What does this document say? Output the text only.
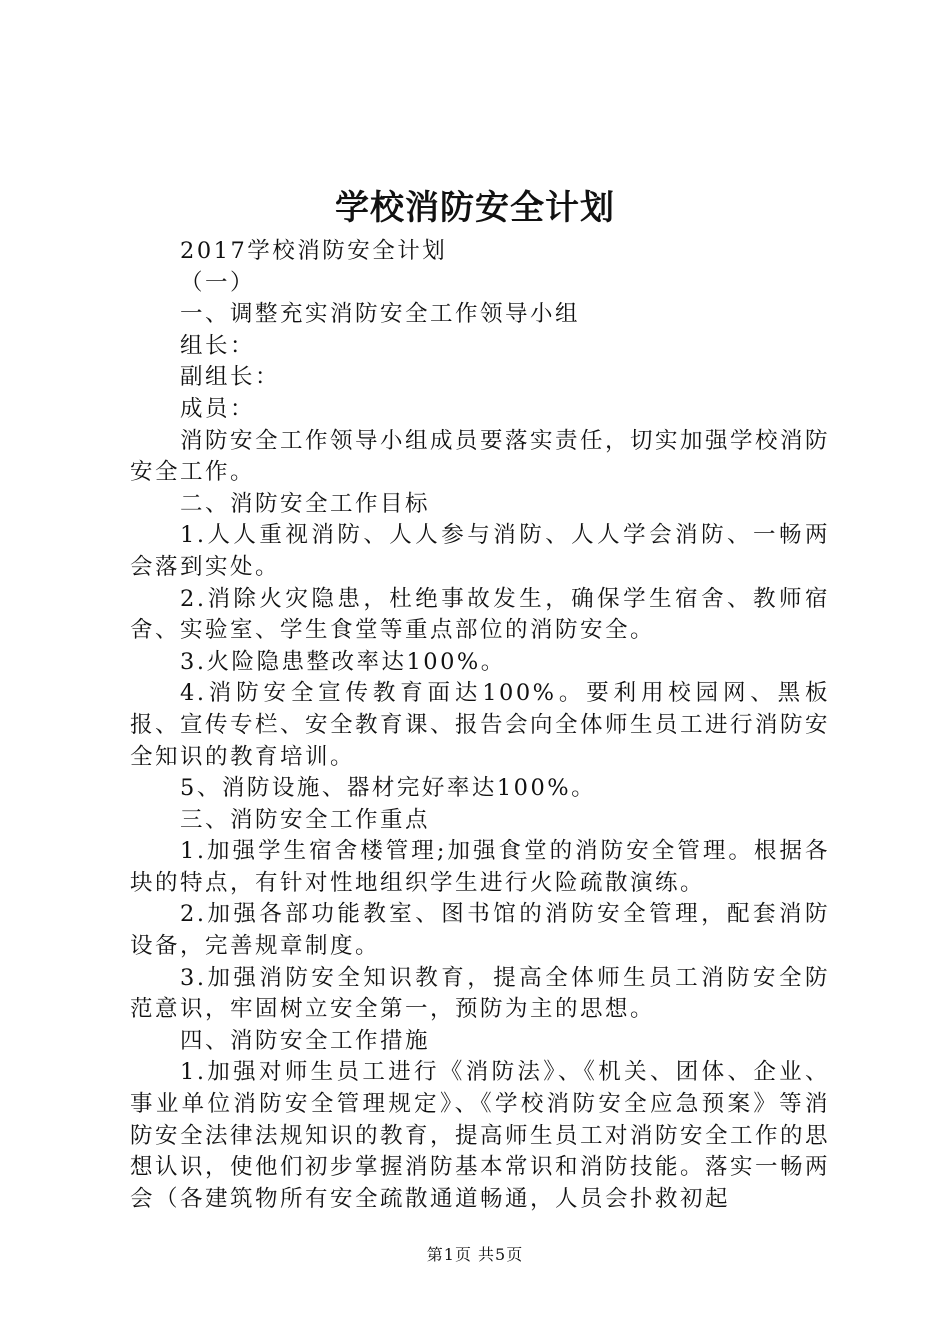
学校消防安全计划

2017学校消防安全计划

（一）

一、调整充实消防安全工作领导小组

组长：

副组长：

成员：

消防安全工作领导小组成员要落实责任，切实加强学校消防安全工作。

二、消防安全工作目标

1.人人重视消防、人人参与消防、人人学会消防、一畅两会落到实处。

2.消除火灾隐患，杜绝事故发生，确保学生宿舍、教师宿舍、实验室、学生食堂等重点部位的消防安全。

3.火险隐患整改率达100%。

4.消防安全宣传教育面达100%。要利用校园网、黑板报、宣传专栏、安全教育课、报告会向全体师生员工进行消防安全知识的教育培训。

5、消防设施、器材完好率达100%。

三、消防安全工作重点

1.加强学生宿舍楼管理;加强食堂的消防安全管理。根据各块的特点，有针对性地组织学生进行火险疏散演练。

2.加强各部功能教室、图书馆的消防安全管理，配套消防设备，完善规章制度。

3.加强消防安全知识教育，提高全体师生员工消防安全防范意识，牢固树立安全第一，预防为主的思想。

四、消防安全工作措施

1.加强对师生员工进行《消防法》、《机关、团体、企业、事业单位消防安全管理规定》、《学校消防安全应急预案》等消防安全法律法规知识的教育，提高师生员工对消防安全工作的思想认识，使他们初步掌握消防基本常识和消防技能。落实一畅两会（各建筑物所有安全疏散通道畅通，人员会扑救初起

第1页 共5页
